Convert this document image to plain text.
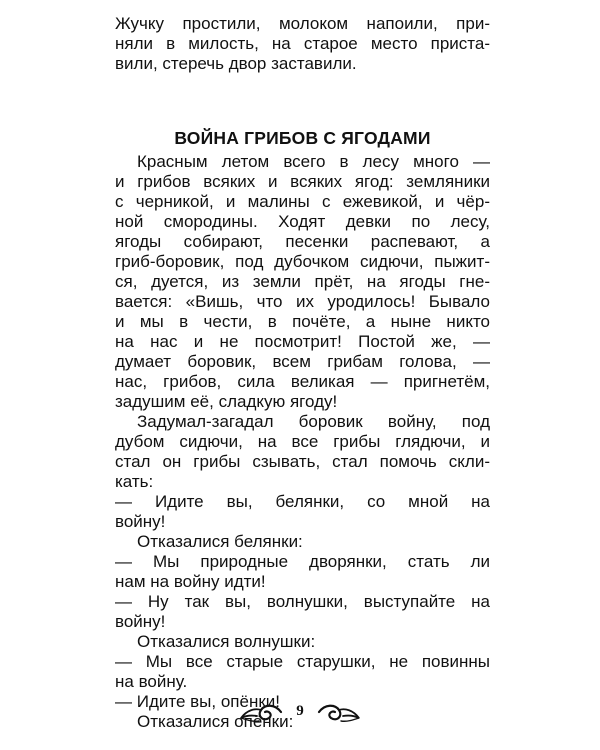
Жучку простили, молоком напоили, при-
няли в милость, на старое место приста-
вили, стеречь двор заставили.
ВОЙНА ГРИБОВ С ЯГОДАМИ
Красным летом всего в лесу много —
и грибов всяких и всяких ягод: земляники
с черникой, и малины с ежевикой, и чёр-
ной смородины. Ходят девки по лесу,
ягоды собирают, песенки распевают, а
гриб-боровик, под дубочком сидючи, пыжит-
ся, дуется, из земли прёт, на ягоды гне-
вается: «Вишь, что их уродилось! Бывало
и мы в чести, в почёте, а ныне никто
на нас и не посмотрит! Постой же, —
думает боровик, всем грибам голова, —
нас, грибов, сила великая — пригнетём,
задушим её, сладкую ягоду!
Задумал-загадал боровик войну, под
дубом сидючи, на все грибы глядючи, и
стал он грибы сзывать, стал помочь скли-
кать:
— Идите вы, белянки, со мной на
войну!
Отказалися белянки:
— Мы природные дворянки, стать ли
нам на войну идти!
— Ну так вы, волнушки, выступайте на
войну!
Отказалися волнушки:
— Мы все старые старушки, не повинны
на войну.
— Идите вы, опёнки!
Отказалися опёнки:
9
